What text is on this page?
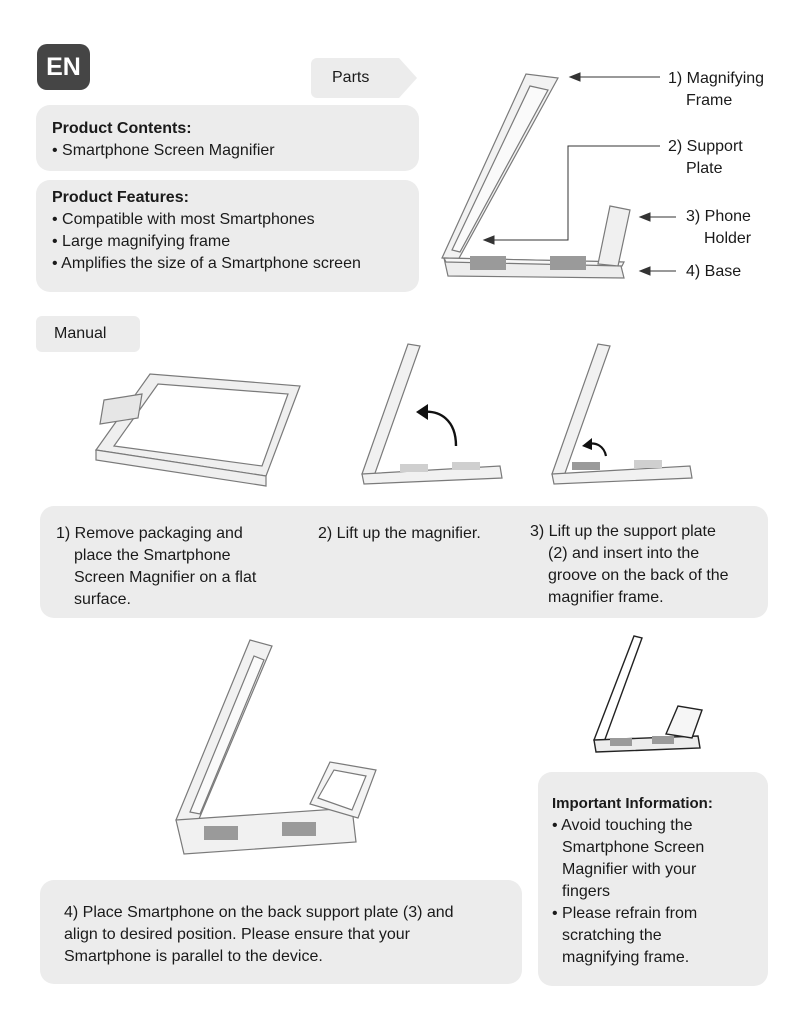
EN	Parts
Product Contents:
• Smartphone Screen Magnifier
Product Features:
• Compatible with most Smartphones
• Large magnifying frame
• Amplifies the size of a Smartphone screen
1) Magnifying
Frame
2) Support
Plate
3) Phone
Holder
4) Base
Manual
1) Remove packaging and
place the Smartphone
Screen Magnifier on a flat
surface.
2) Lift up the magnifier.	3) Lift up the support plate
(2) and insert into the
groove on the back of the
magnifier frame.
4) Place Smartphone on the back support plate (3) and
align to desired position. Please ensure that your
Smartphone is parallel to the device.
Important Information:
• Avoid touching the
Smartphone Screen
Magnifier with your
fingers
• Please refrain from
scratching the
magnifying frame.
